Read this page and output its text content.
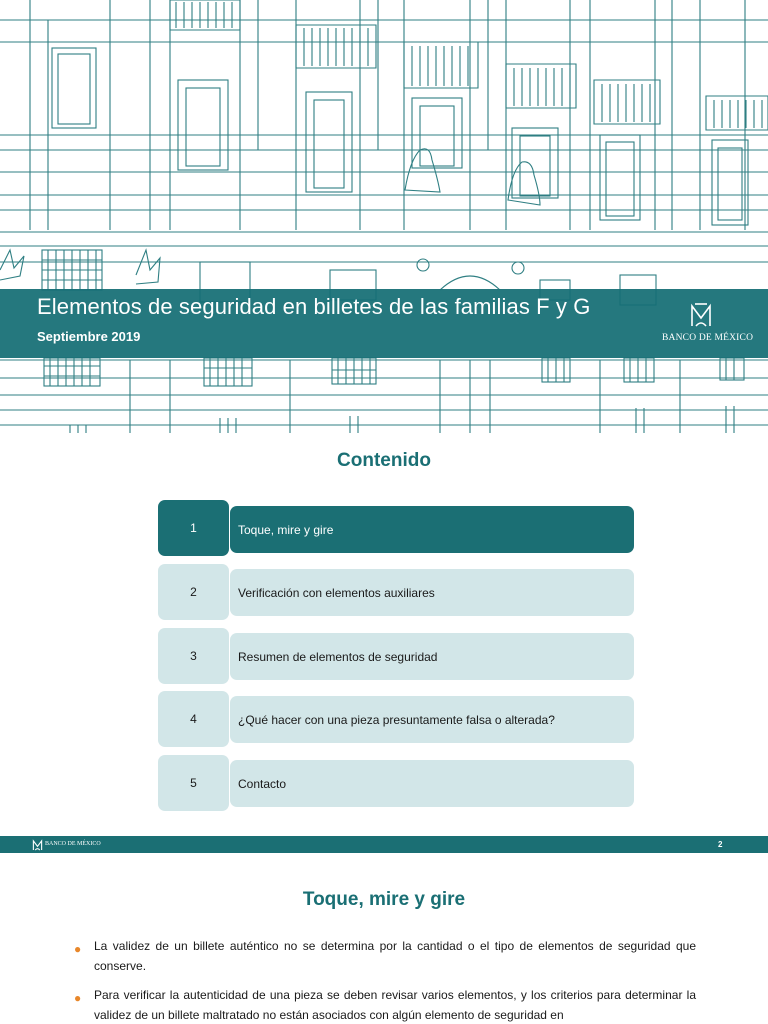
Elementos de seguridad en billetes de las familias F y G
Septiembre 2019	BANCO DE MÉXICO
Contenido
1	Toque, mire y gire
2	Verificación con elementos auxiliares
3	Resumen de elementos de seguridad
4	¿Qué hacer con una pieza presuntamente falsa o alterada?
5	Contacto
BANCO DE MÉXICO	2
Toque, mire y gire
● La validez de un billete auténtico no se determina por la cantidad o el tipo de elementos de seguridad que conserve.
● Para verificar la autenticidad de una pieza se deben revisar varios elementos, y los criterios para determinar la validez de un billete maltratado no están asociados con algún elemento de seguridad en
